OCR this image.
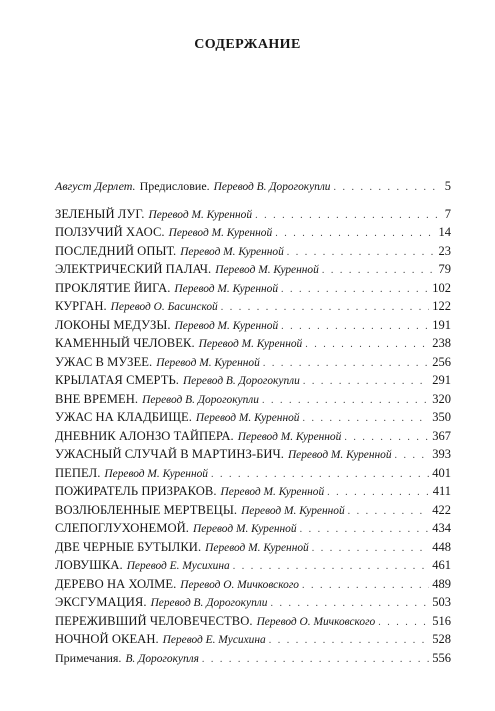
СОДЕРЖАНИЕ
Август Дерлет. Предисловие. Перевод В. Дорогокупли . . .	5
ЗЕЛЕНЫЙ ЛУГ. Перевод М. Куренной . . .	7
ПОЛЗУЧИЙ ХАОС. Перевод М. Куренной . . .	14
ПОСЛЕДНИЙ ОПЫТ. Перевод М. Куренной . . .	23
ЭЛЕКТРИЧЕСКИЙ ПАЛАЧ. Перевод М. Куренной . . .	79
ПРОКЛЯТИЕ ЙИГА. Перевод М. Куренной . . .	102
КУРГАН. Перевод О. Басинской . . .	122
ЛОКОНЫ МЕДУЗЫ. Перевод М. Куренной . . .	191
КАМЕННЫЙ ЧЕЛОВЕК. Перевод М. Куренной . . .	238
УЖАС В МУЗЕЕ. Перевод М. Куренной . . .	256
КРЫЛАТАЯ СМЕРТЬ. Перевод В. Дорогокупли . . .	291
ВНЕ ВРЕМЕН. Перевод В. Дорогокупли . . .	320
УЖАС НА КЛАДБИЩЕ. Перевод М. Куренной . . .	350
ДНЕВНИК АЛОНЗО ТАЙПЕРА. Перевод М. Куренной . . .	367
УЖАСНЫЙ СЛУЧАЙ В МАРТИНЗ-БИЧ. Перевод М. Куренной . . .	393
ПЕПЕЛ. Перевод М. Куренной . . .	401
ПОЖИРАТЕЛЬ ПРИЗРАКОВ. Перевод М. Куренной . . .	411
ВОЗЛЮБЛЕННЫЕ МЕРТВЕЦЫ. Перевод М. Куренной . . .	422
СЛЕПОГЛУХОНЕМОЙ. Перевод М. Куренной . . .	434
ДВЕ ЧЕРНЫЕ БУТЫЛКИ. Перевод М. Куренной . . .	448
ЛОВУШКА. Перевод Е. Мусихина . . .	461
ДЕРЕВО НА ХОЛМЕ. Перевод О. Мичковского . . .	489
ЭКСГУМАЦИЯ. Перевод В. Дорогокупли . . .	503
ПЕРЕЖИВШИЙ ЧЕЛОВЕЧЕСТВО. Перевод О. Мичковского . . .	516
НОЧНОЙ ОКЕАН. Перевод Е. Мусихина . . .	528
Примечания. В. Дорогокупля . . .	556
